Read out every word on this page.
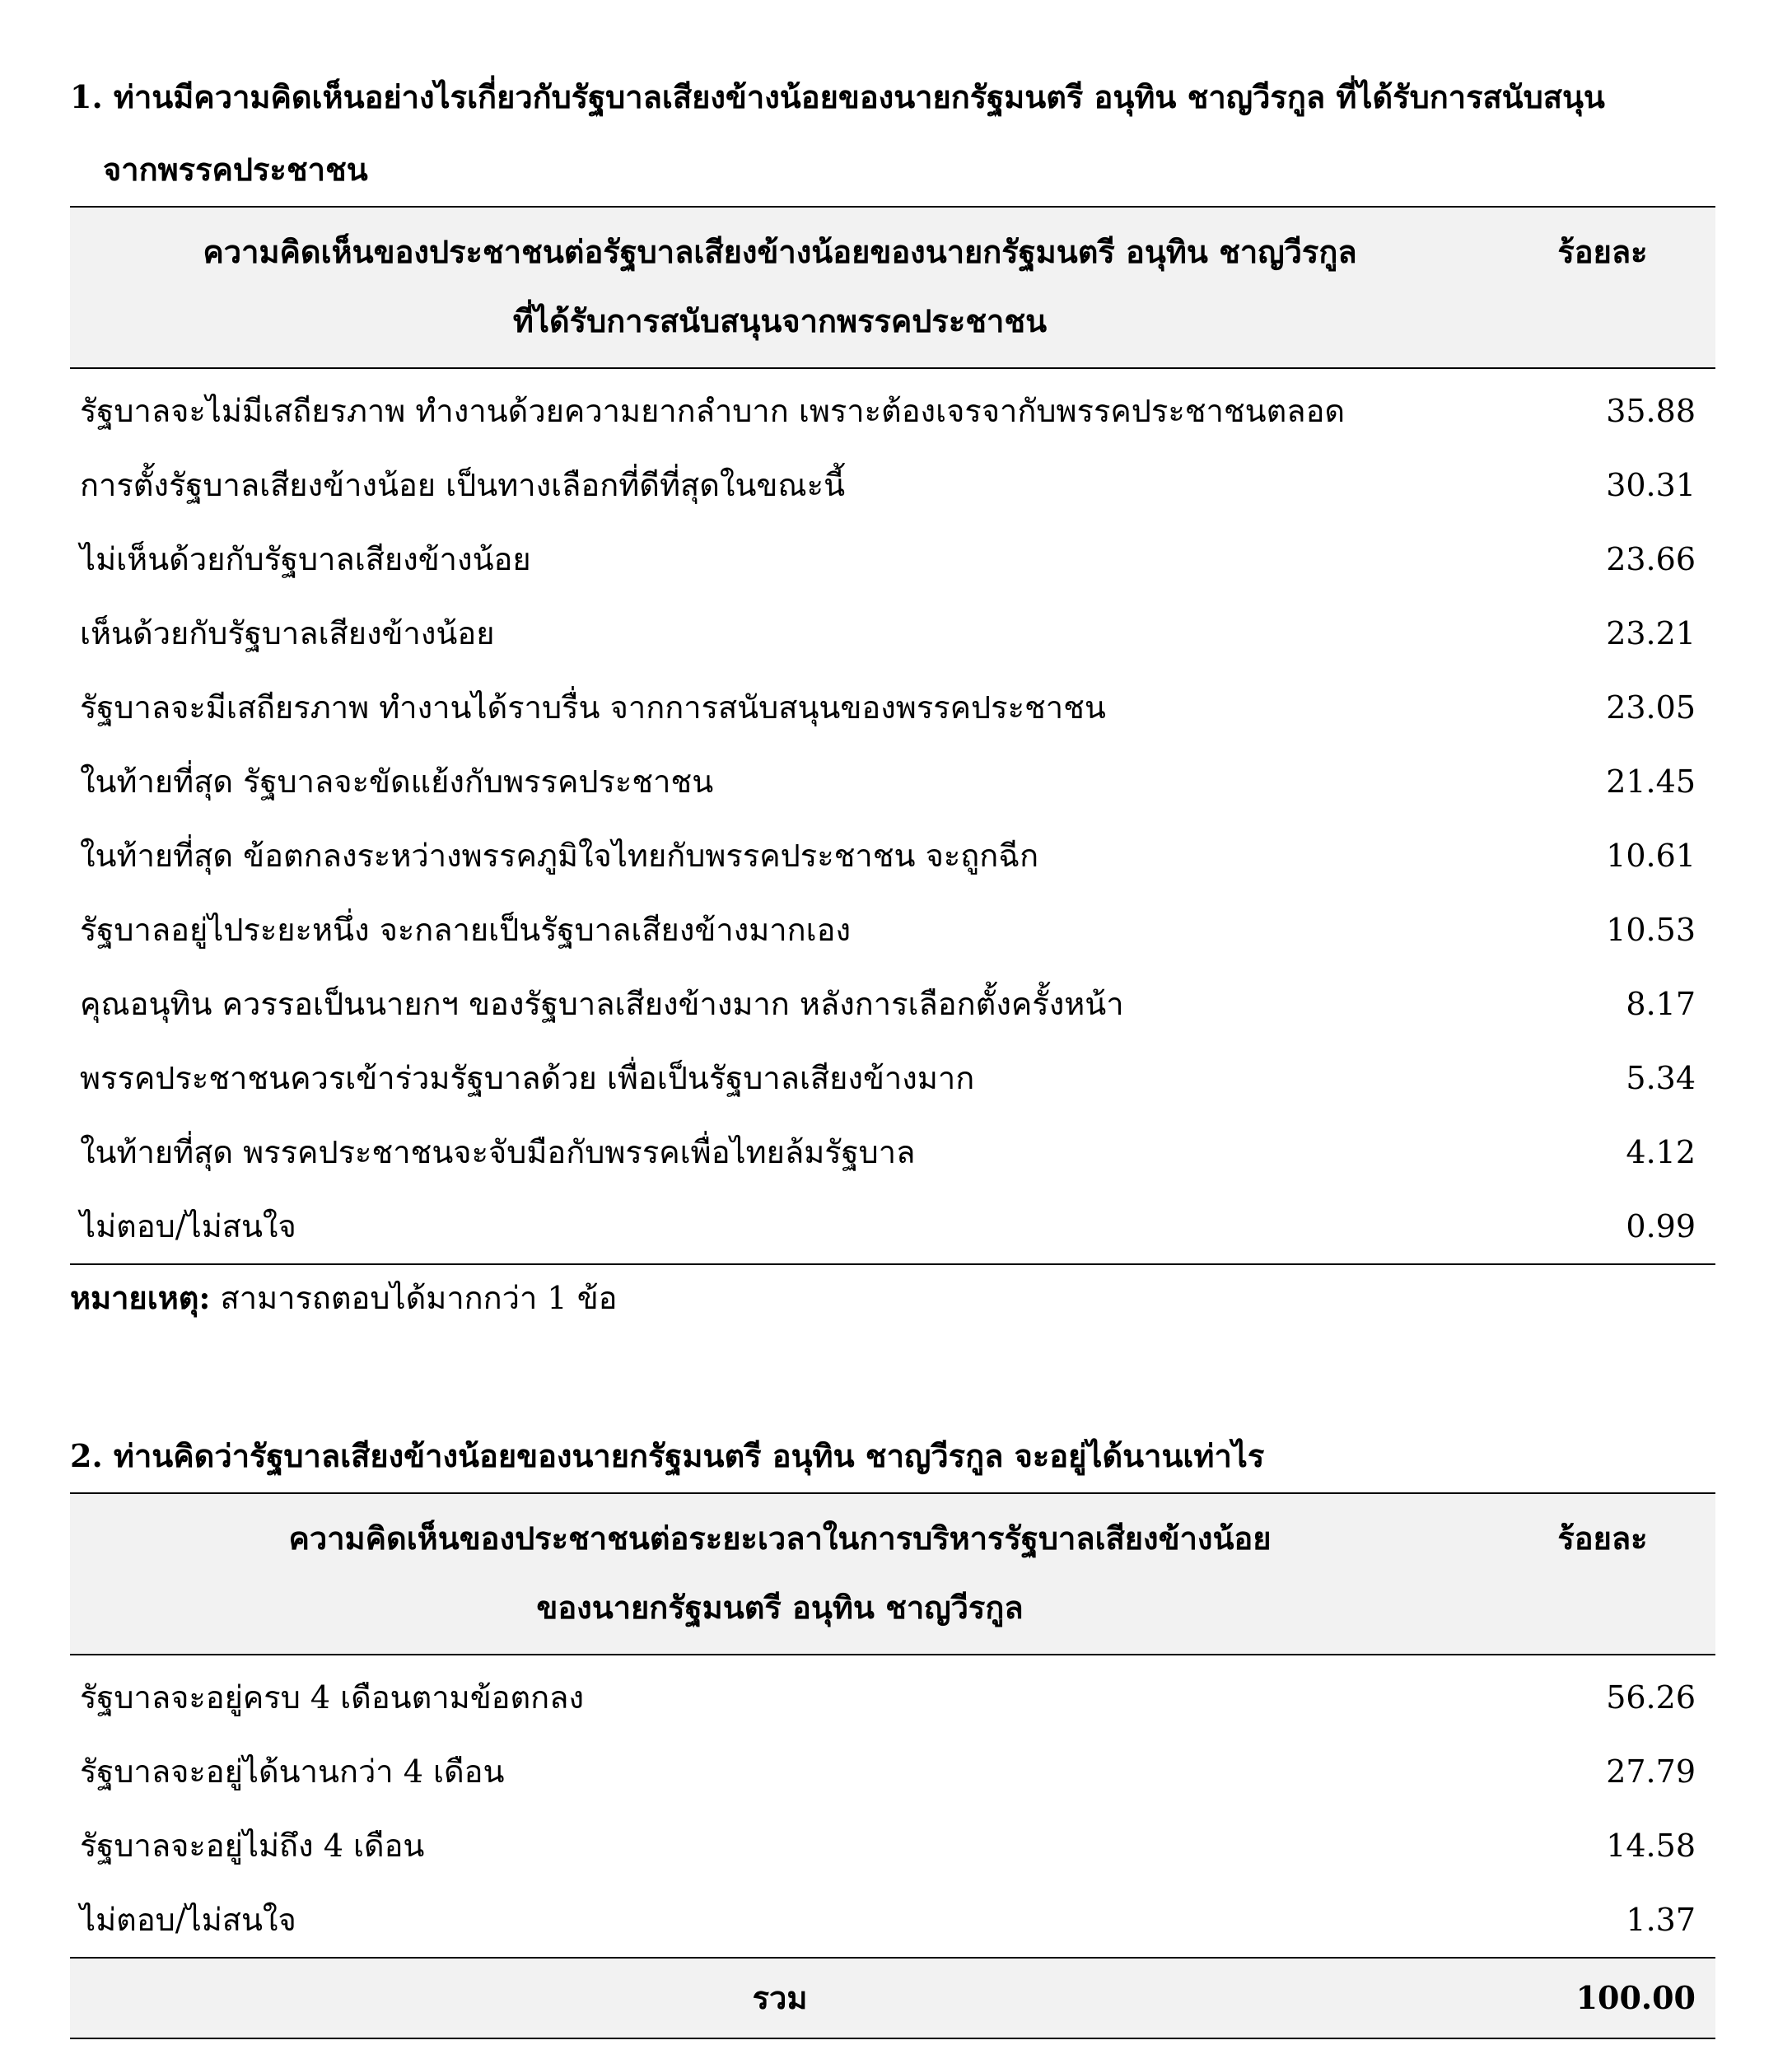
1. ท่านมีความคิดเห็นอย่างไรเกี่ยวกับรัฐบาลเสียงข้างน้อยของนายกรัฐมนตรี อนุทิน ชาญวีรกูล ที่ได้รับการสนับสนุน
จากพรรคประชาชน

ความคิดเห็นของประชาชนต่อรัฐบาลเสียงข้างน้อยของนายกรัฐมนตรี อนุทิน ชาญวีรกูล
ที่ได้รับการสนับสนุนจากพรรคประชาชน	ร้อยละ
รัฐบาลจะไม่มีเสถียรภาพ ทำงานด้วยความยากลำบาก เพราะต้องเจรจากับพรรคประชาชนตลอด	35.88
การตั้งรัฐบาลเสียงข้างน้อย เป็นทางเลือกที่ดีที่สุดในขณะนี้	30.31
ไม่เห็นด้วยกับรัฐบาลเสียงข้างน้อย	23.66
เห็นด้วยกับรัฐบาลเสียงข้างน้อย	23.21
รัฐบาลจะมีเสถียรภาพ ทำงานได้ราบรื่น จากการสนับสนุนของพรรคประชาชน	23.05
ในท้ายที่สุด รัฐบาลจะขัดแย้งกับพรรคประชาชน	21.45
ในท้ายที่สุด ข้อตกลงระหว่างพรรคภูมิใจไทยกับพรรคประชาชน จะถูกฉีก	10.61
รัฐบาลอยู่ไประยะหนึ่ง จะกลายเป็นรัฐบาลเสียงข้างมากเอง	10.53
คุณอนุทิน ควรรอเป็นนายกฯ ของรัฐบาลเสียงข้างมาก หลังการเลือกตั้งครั้งหน้า	8.17
พรรคประชาชนควรเข้าร่วมรัฐบาลด้วย เพื่อเป็นรัฐบาลเสียงข้างมาก	5.34
ในท้ายที่สุด พรรคประชาชนจะจับมือกับพรรคเพื่อไทยล้มรัฐบาล	4.12
ไม่ตอบ/ไม่สนใจ	0.99

หมายเหตุ: สามารถตอบได้มากกว่า 1 ข้อ

2. ท่านคิดว่ารัฐบาลเสียงข้างน้อยของนายกรัฐมนตรี อนุทิน ชาญวีรกูล จะอยู่ได้นานเท่าไร

ความคิดเห็นของประชาชนต่อระยะเวลาในการบริหารรัฐบาลเสียงข้างน้อย
ของนายกรัฐมนตรี อนุทิน ชาญวีรกูล	ร้อยละ
รัฐบาลจะอยู่ครบ 4 เดือนตามข้อตกลง	56.26
รัฐบาลจะอยู่ได้นานกว่า 4 เดือน	27.79
รัฐบาลจะอยู่ไม่ถึง 4 เดือน	14.58
ไม่ตอบ/ไม่สนใจ	1.37
รวม	100.00
